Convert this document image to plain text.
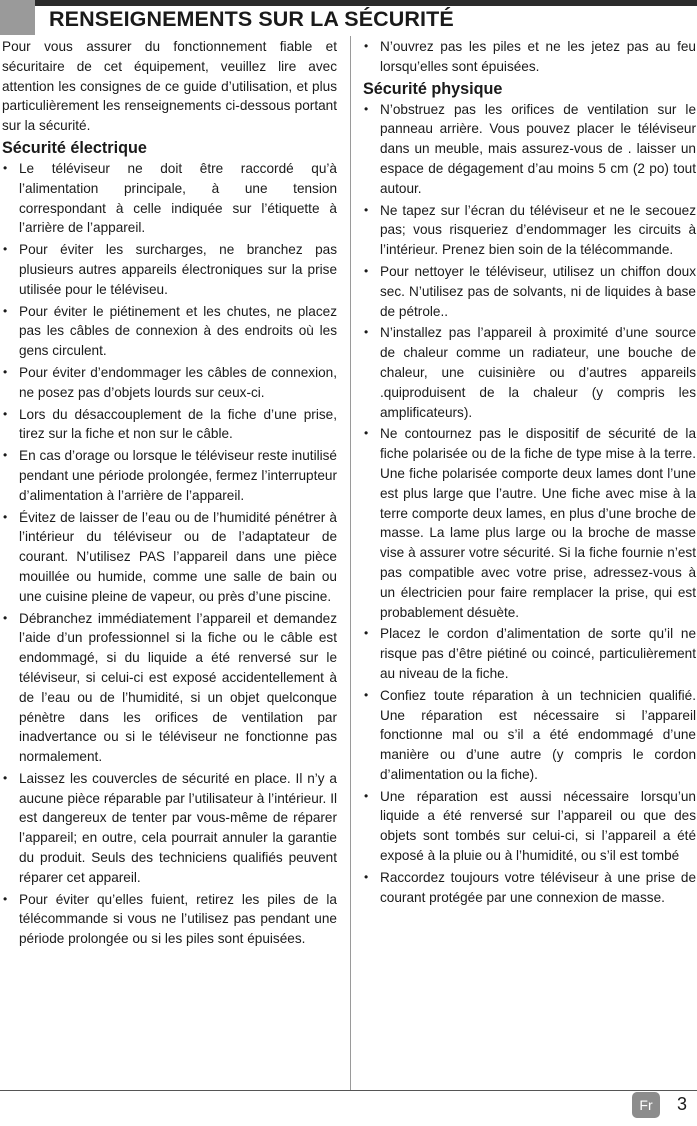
RENSEIGNEMENTS SUR LA SÉCURITÉ

Pour vous assurer du fonctionnement fiable et sécuritaire de cet équipement, veuillez lire avec attention les consignes de ce guide d’utilisation, et plus particulièrement les renseignements ci-dessous portant sur la sécurité.

Sécurité électrique
• Le téléviseur ne doit être raccordé qu’à l’alimentation principale, à une tension correspondant à celle indiquée sur l’étiquette à l’arrière de l’appareil.
• Pour éviter les surcharges, ne branchez pas plusieurs autres appareils électroniques sur la prise utilisée pour le téléviseu.
• Pour éviter le piétinement et les chutes, ne placez pas les câbles de connexion à des endroits où les gens circulent.
• Pour éviter d’endommager les câbles de connexion, ne posez pas d’objets lourds sur ceux-ci.
• Lors du désaccouplement de la fiche d’une prise, tirez sur la fiche et non sur le câble.
• En cas d’orage ou lorsque le téléviseur reste inutilisé pendant une période prolongée, fermez l’interrupteur d’alimentation à l’arrière de l’appareil.
• Évitez de laisser de l’eau ou de l’humidité pénétrer à l’intérieur du téléviseur ou de l’adaptateur de courant. N’utilisez PAS l’appareil dans une pièce mouillée ou humide, comme une salle de bain ou une cuisine pleine de vapeur, ou près d’une piscine.
• Débranchez immédiatement l’appareil et demandez l’aide d’un professionnel si la fiche ou le câble est endommagé, si du liquide a été renversé sur le téléviseur, si celui-ci est exposé accidentellement à de l’eau ou de l’humidité, si un objet quelconque pénètre dans les orifices de ventilation par inadvertance ou si le téléviseur ne fonctionne pas normalement.
• Laissez les couvercles de sécurité en place. Il n’y a aucune pièce réparable par l’utilisateur à l’intérieur. Il est dangereux de tenter par vous-même de réparer l’appareil; en outre, cela pourrait annuler la garantie du produit. Seuls des techniciens qualifiés peuvent réparer cet appareil.
• Pour éviter qu’elles fuient, retirez les piles de la télécommande si vous ne l’utilisez pas pendant une période prolongée ou si les piles sont épuisées.
• N’ouvrez pas les piles et ne les jetez pas au feu lorsqu’elles sont épuisées.
Sécurité physique
• N’obstruez pas les orifices de ventilation sur le panneau arrière. Vous pouvez placer le téléviseur dans un meuble, mais assurez-vous de . laisser un espace de dégagement d’au moins 5 cm (2 po) tout autour.
• Ne tapez sur l’écran du téléviseur et ne le secouez pas; vous risqueriez d’endommager les circuits à l’intérieur. Prenez bien soin de la télécommande.
• Pour nettoyer le téléviseur, utilisez un chiffon doux sec. N’utilisez pas de solvants, ni de liquides à base de pétrole..
• N’installez pas l’appareil à proximité d’une source de chaleur comme un radiateur, une bouche de chaleur, une cuisinière ou d’autres appareils .quiproduisent de la chaleur (y compris les amplificateurs).
• Ne contournez pas le dispositif de sécurité de la fiche polarisée ou de la fiche de type mise à la terre. Une fiche polarisée comporte deux lames dont l’une est plus large que l’autre. Une fiche avec mise à la terre comporte deux lames, en plus d’une broche de masse. La lame plus large ou la broche de masse vise à assurer votre sécurité. Si la fiche fournie n’est pas compatible avec votre prise, adressez-vous à un électricien pour faire remplacer la prise, qui est probablement désuète.
• Placez le cordon d’alimentation de sorte qu’il ne risque pas d’être piétiné ou coincé, particulièrement au niveau de la fiche.
• Confiez toute réparation à un technicien qualifié. Une réparation est nécessaire si l’appareil fonctionne mal ou s’il a été endommagé d’une manière ou d’une autre (y compris le cordon d’alimentation ou la fiche).
• Une réparation est aussi nécessaire lorsqu’un liquide a été renversé sur l’appareil ou que des objets sont tombés sur celui-ci, si l’appareil a été exposé à la pluie ou à l’humidité, ou s’il est tombé
• Raccordez toujours votre téléviseur à une prise de courant protégée par une connexion de masse.
Fr	3
